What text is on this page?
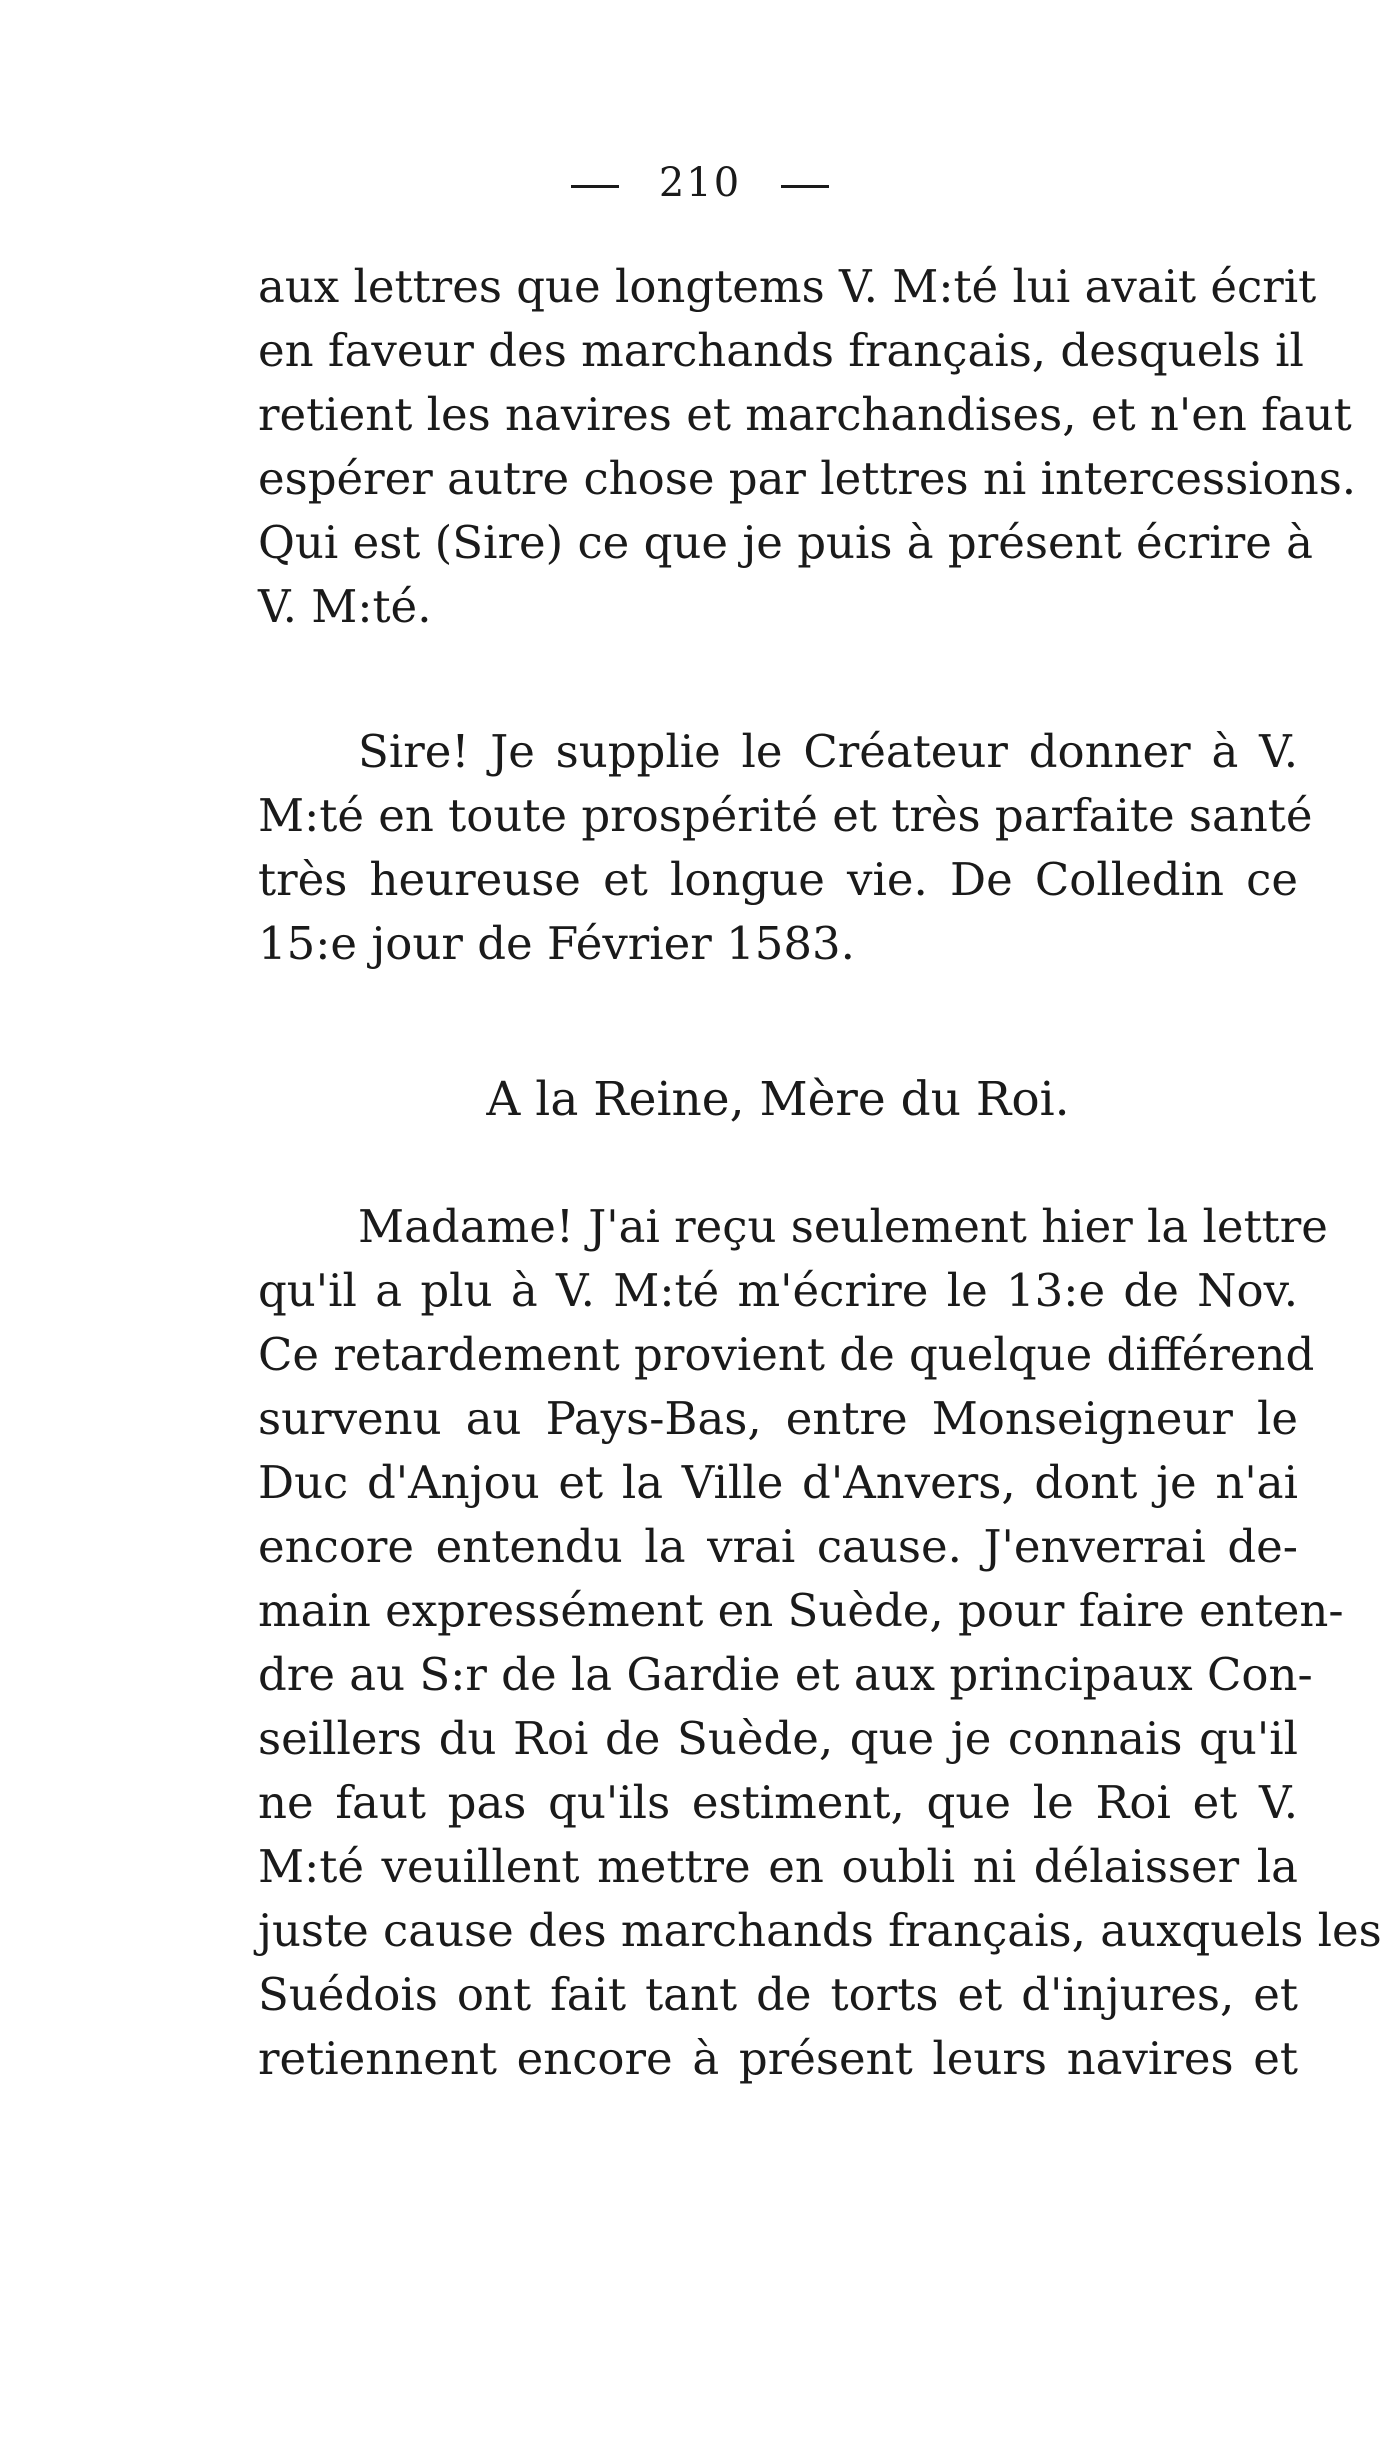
210
aux lettres que longtems V. M:té lui avait écrit
en faveur des marchands français, desquels il
retient les navires et marchandises, et n'en faut
espérer autre chose par lettres ni intercessions.
Qui est (Sire) ce que je puis à présent écrire à
V. M:té.
Sire! Je supplie le Créateur donner à V.
M:té en toute prospérité et très parfaite santé
très heureuse et longue vie. De Colledin ce
15:e jour de Février 1583.
A la Reine, Mère du Roi.
Madame! J'ai reçu seulement hier la lettre
qu'il a plu à V. M:té m'écrire le 13:e de Nov.
Ce retardement provient de quelque différend
survenu au Pays-Bas, entre Monseigneur le
Duc d'Anjou et la Ville d'Anvers, dont je n'ai
encore entendu la vrai cause. J'enverrai de-
main expressément en Suède, pour faire enten-
dre au S:r de la Gardie et aux principaux Con-
seillers du Roi de Suède, que je connais qu'il
ne faut pas qu'ils estiment, que le Roi et V.
M:té veuillent mettre en oubli ni délaisser la
juste cause des marchands français, auxquels les
Suédois ont fait tant de torts et d'injures, et
retiennent encore à présent leurs navires et
